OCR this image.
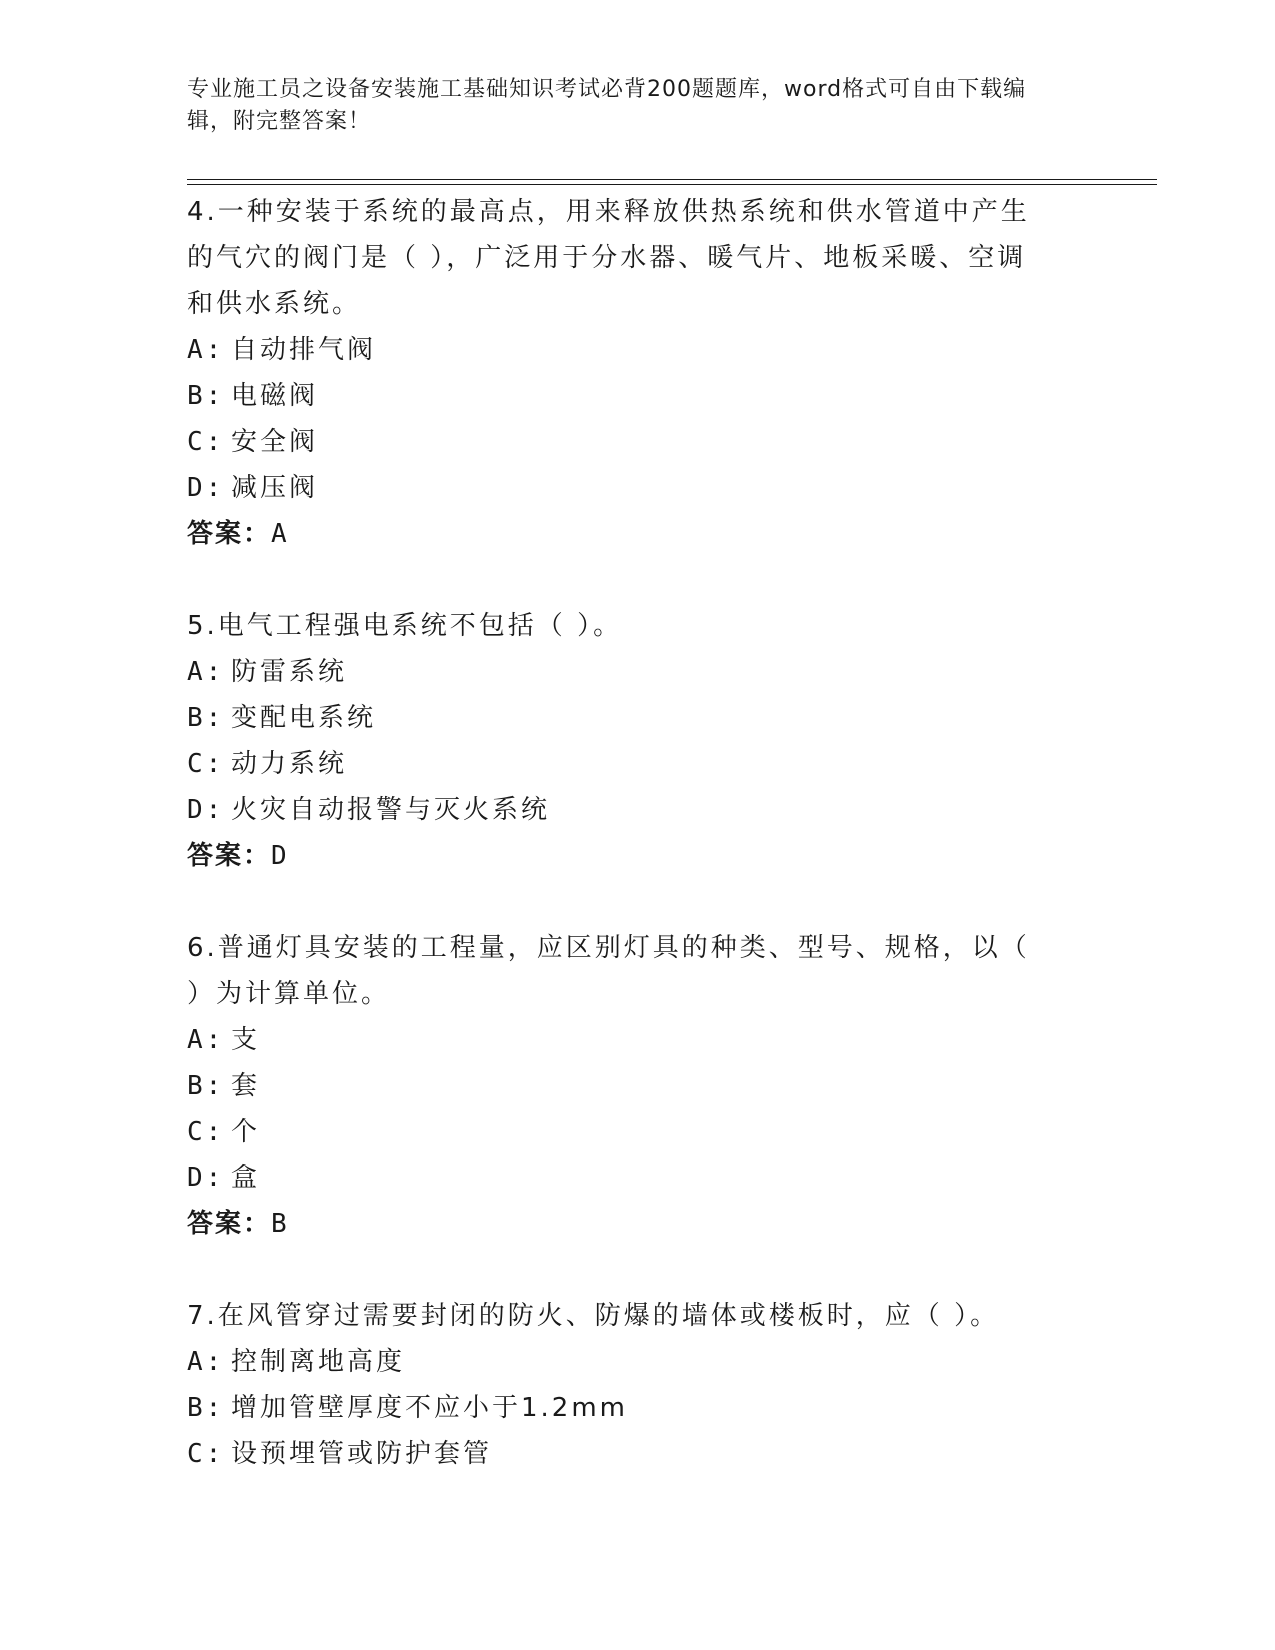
专业施工员之设备安装施工基础知识考试必背200题题库，word格式可自由下载编辑，附完整答案！
4.一种安装于系统的最高点，用来释放供热系统和供水管道中产生的气穴的阀门是（ ），广泛用于分水器、暖气片、地板采暖、空调和供水系统。
A: 自动排气阀
B: 电磁阀
C: 安全阀
D: 减压阀
答案：A
5.电气工程强电系统不包括（ ）。
A: 防雷系统
B: 变配电系统
C: 动力系统
D: 火灾自动报警与灭火系统
答案：D
6.普通灯具安装的工程量，应区别灯具的种类、型号、规格，以（ ）为计算单位。
A: 支
B: 套
C: 个
D: 盒
答案：B
7.在风管穿过需要封闭的防火、防爆的墙体或楼板时，应（ ）。
A: 控制离地高度
B: 增加管壁厚度不应小于1.2mm
C: 设预埋管或防护套管
